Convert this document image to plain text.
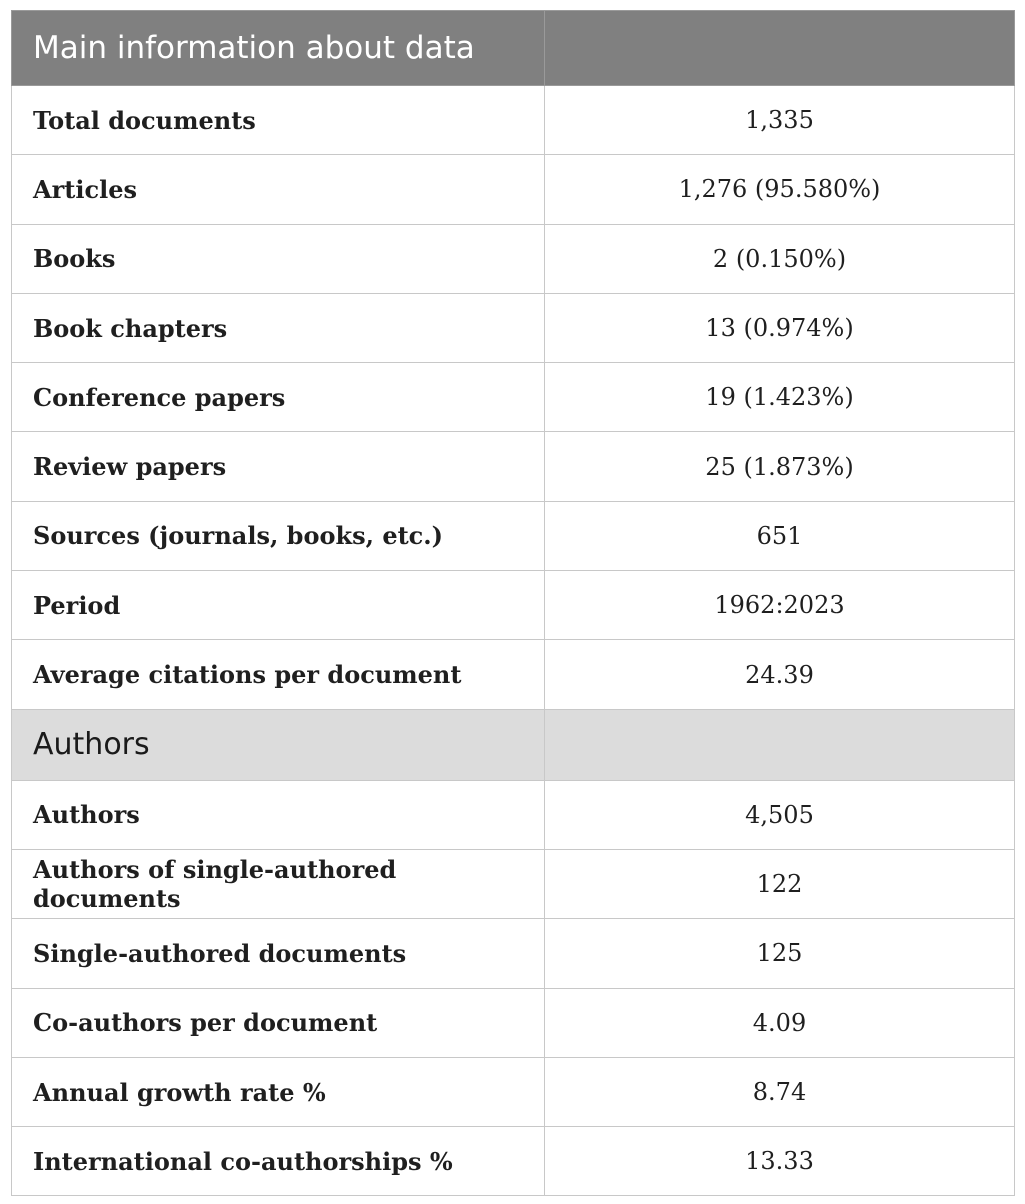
Main information about data	
Total documents	1,335
Articles	1,276 (95.580%)
Books	2 (0.150%)
Book chapters	13 (0.974%)
Conference papers	19 (1.423%)
Review papers	25 (1.873%)
Sources (journals, books, etc.)	651
Period	1962:2023
Average citations per document	24.39
Authors	
Authors	4,505
Authors of single-authored documents	122
Single-authored documents	125
Co-authors per document	4.09
Annual growth rate %	8.74
International co-authorships %	13.33
